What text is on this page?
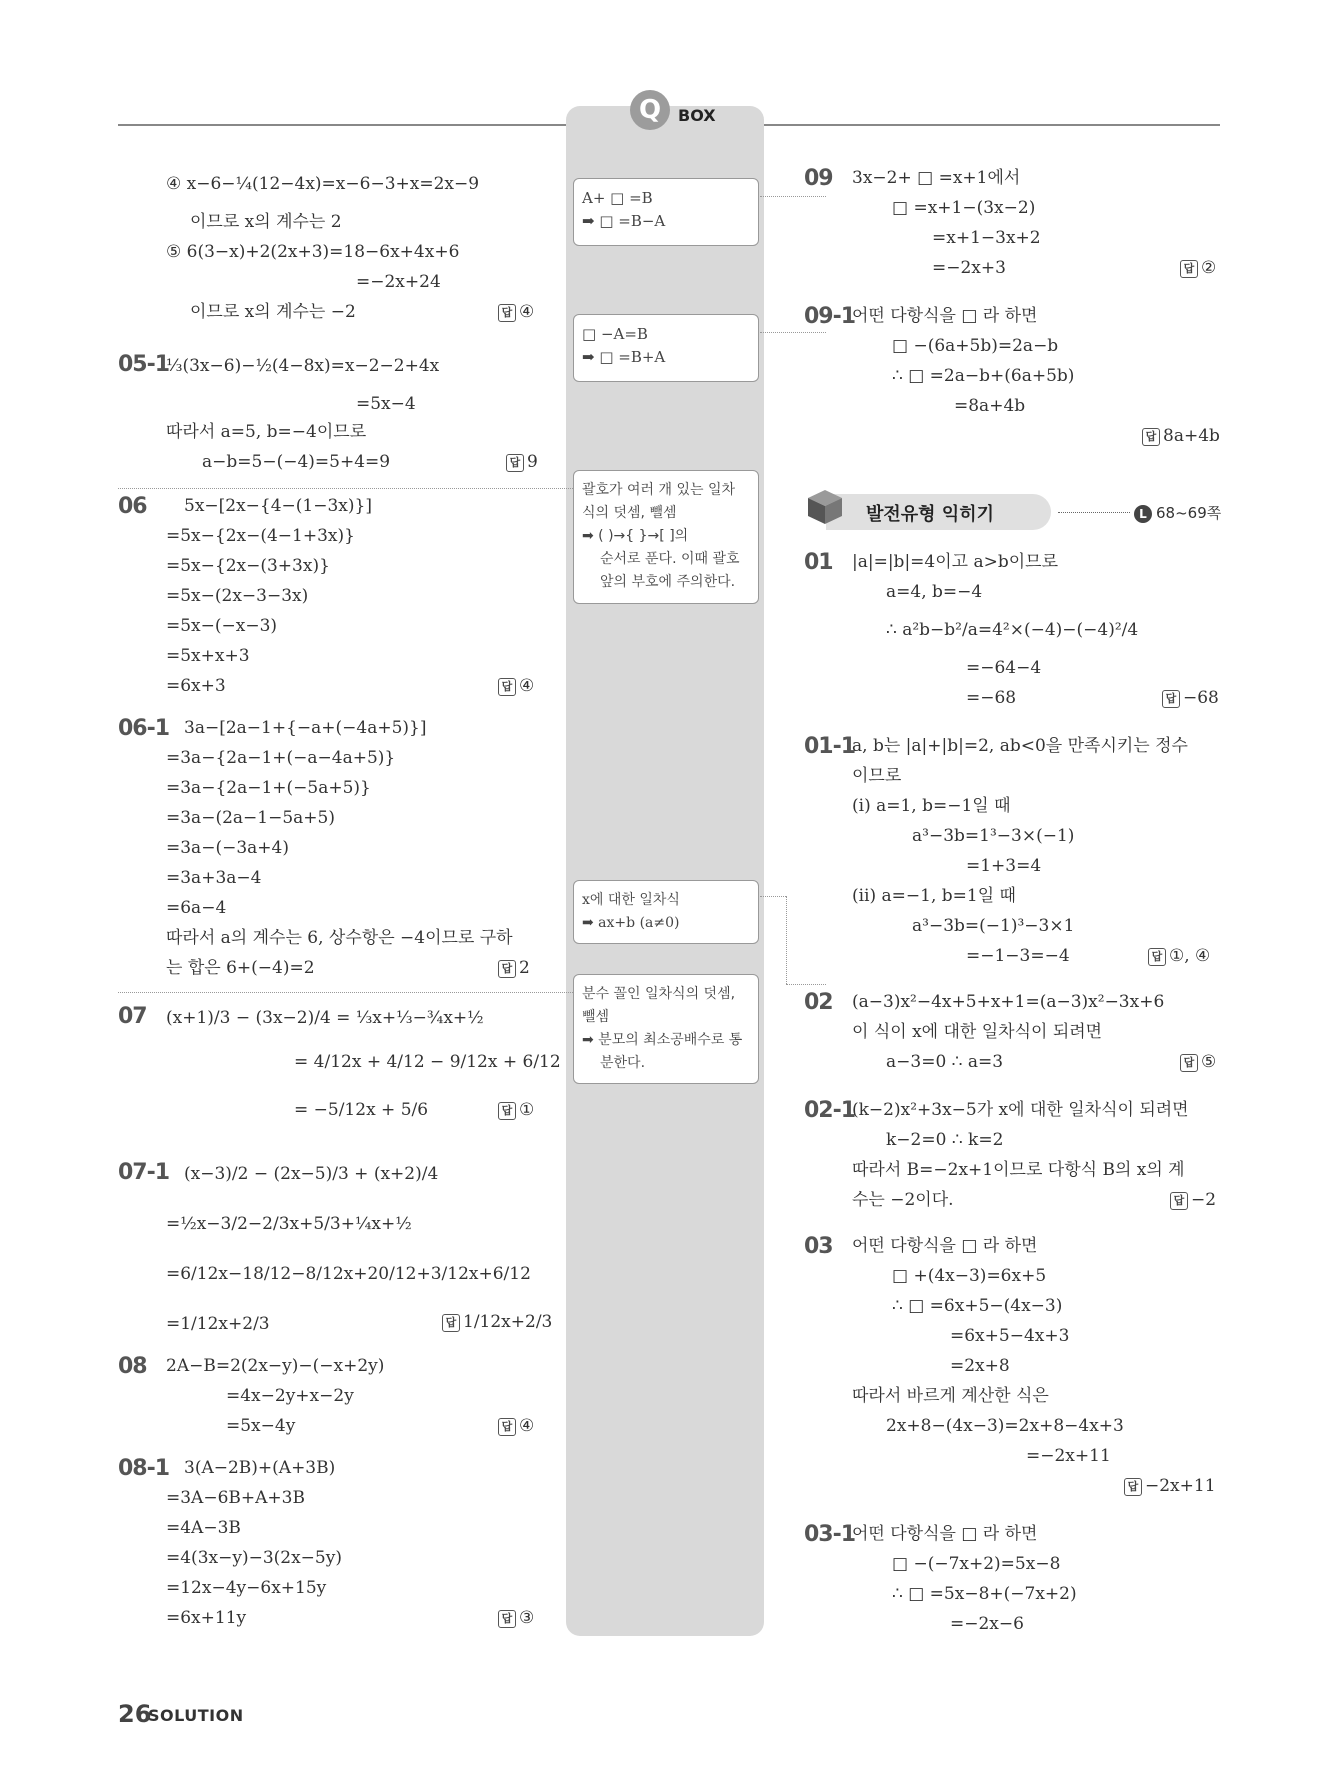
Q	BOX
A+ □ =B
➡ □ =B−A
□ −A=B
➡ □ =B+A
괄호가 여러 개 있는 일차
식의 덧셈, 뺄셈
➡ ( )→{ }→[ ]의
순서로 푼다. 이때 괄호
앞의 부호에 주의한다.
x에 대한 일차식
➡ ax+b (a≠0)
분수 꼴인 일차식의 덧셈,
뺄셈
➡ 분모의 최소공배수로 통
분한다.
④ x−6−¼(12−4x)=x−6−3+x=2x−9
이므로 x의 계수는 2
⑤ 6(3−x)+2(2x+3)=18−6x+4x+6
=−2x+24
이므로 x의 계수는 −2	답 ④
05-1
⅓(3x−6)−½(4−8x)=x−2−2+4x
=5x−4
따라서 a=5, b=−4이므로
a−b=5−(−4)=5+4=9	답 9
06 5x−[2x−{4−(1−3x)}]
=5x−{2x−(4−1+3x)}
=5x−{2x−(3+3x)}
=5x−(2x−3−3x)
=5x−(−x−3)
=5x+x+3
=6x+3	답 ④
06-1 3a−[2a−1+{−a+(−4a+5)}]
=3a−{2a−1+(−a−4a+5)}
=3a−{2a−1+(−5a+5)}
=3a−(2a−1−5a+5)
=3a−(−3a+4)
=3a+3a−4
=6a−4
따라서 a의 계수는 6, 상수항은 −4이므로 구하
는 합은 6+(−4)=2	답 2
07 (x+1)/3 − (3x−2)/4 = ⅓x+⅓−¾x+½
= 4/12x + 4/12 − 9/12x + 6/12
= −5/12x + 5/6	답 ①
07-1 (x−3)/2 − (2x−5)/3 + (x+2)/4
=½x−3/2−2/3x+5/3+¼x+½
=6/12x−18/12−8/12x+20/12+3/12x+6/12
=1/12x+2/3	답 1/12x+2/3
08 2A−B=2(2x−y)−(−x+2y)
=4x−2y+x−2y
=5x−4y	답 ④
08-1 3(A−2B)+(A+3B)
=3A−6B+A+3B
=4A−3B
=4(3x−y)−3(2x−5y)
=12x−4y−6x+15y
=6x+11y	답 ③
09 3x−2+ □ =x+1에서
□ =x+1−(3x−2)
=x+1−3x+2
=−2x+3	답 ②
09-1
어떤 다항식을 □ 라 하면
□ −(6a+5b)=2a−b
∴ □ =2a−b+(6a+5b)
=8a+4b
답 8a+4b
발전유형 익히기	L 68~69쪽
01 |a|=|b|=4이고 a>b이므로
a=4, b=−4
∴ a²b−b²/a=4²×(−4)−(−4)²/4
=−64−4
=−68	답 −68
01-1
a, b는 |a|+|b|=2, ab<0을 만족시키는 정수
이므로
(ⅰ) a=1, b=−1일 때
a³−3b=1³−3×(−1)
=1+3=4
(ⅱ) a=−1, b=1일 때
a³−3b=(−1)³−3×1
=−1−3=−4	답 ①, ④
02 (a−3)x²−4x+5+x+1=(a−3)x²−3x+6
이 식이 x에 대한 일차식이 되려면
a−3=0 ∴ a=3	답 ⑤
02-1
(k−2)x²+3x−5가 x에 대한 일차식이 되려면
k−2=0 ∴ k=2
따라서 B=−2x+1이므로 다항식 B의 x의 계
수는 −2이다.	답 −2
03 어떤 다항식을 □ 라 하면
□ +(4x−3)=6x+5
∴ □ =6x+5−(4x−3)
=6x+5−4x+3
=2x+8
따라서 바르게 계산한 식은
2x+8−(4x−3)=2x+8−4x+3
=−2x+11
답 −2x+11
03-1
어떤 다항식을 □ 라 하면
□ −(−7x+2)=5x−8
∴ □ =5x−8+(−7x+2)
=−2x−6
26
SOLUTION
